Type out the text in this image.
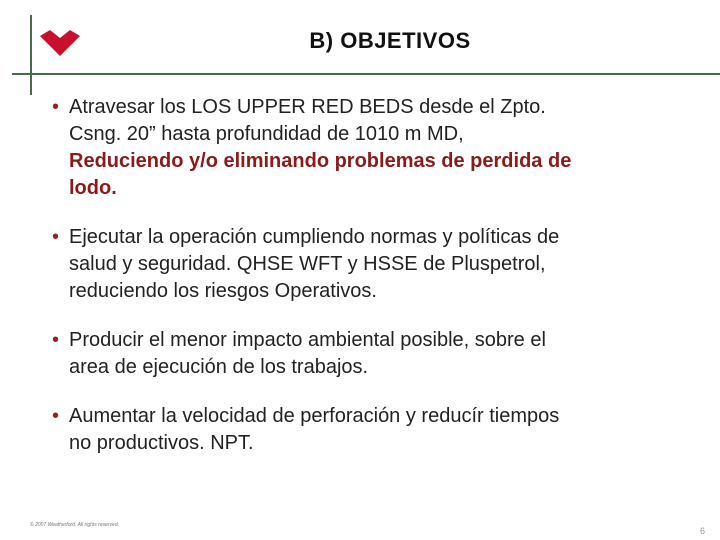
B) OBJETIVOS
• Atravesar los LOS UPPER RED BEDS desde el Zpto.
Csng. 20” hasta profundidad de 1010 m MD,
Reduciendo y/o eliminando problemas de perdida de
lodo.
• Ejecutar la operación cumpliendo normas y políticas de
salud y seguridad. QHSE WFT y HSSE de Pluspetrol,
reduciendo los riesgos Operativos.
• Producir el menor impacto ambiental posible, sobre el
area de ejecución de los trabajos.
• Aumentar la velocidad de perforación y reducír tiempos
no productivos. NPT.
© 2007 Weatherford. All rights reserved.
6
